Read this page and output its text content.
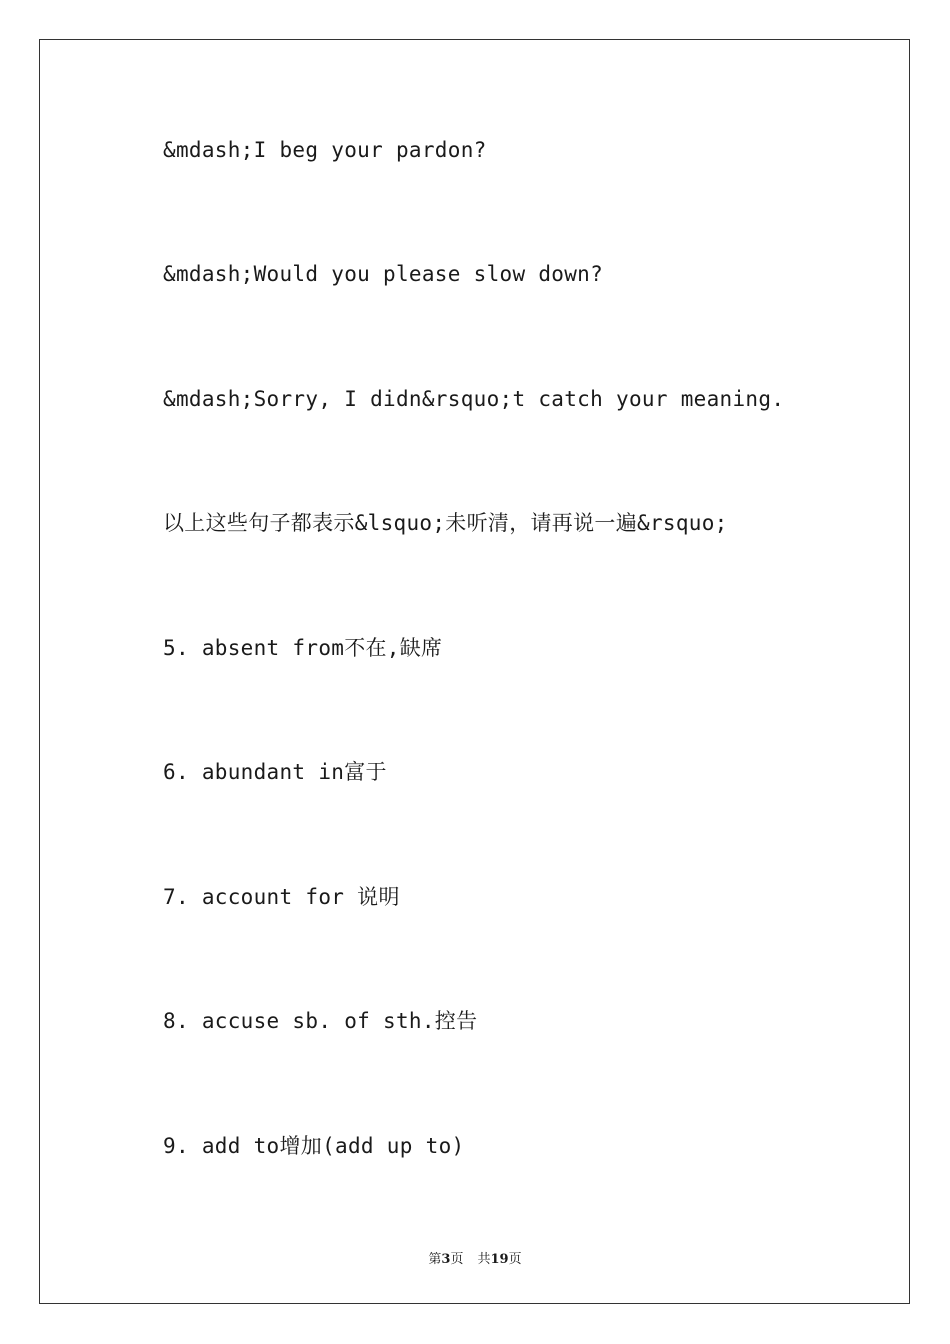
&mdash;I beg your pardon?
&mdash;Would you please slow down?
&mdash;Sorry, I didn&rsquo;t catch your meaning.
以上这些句子都表示&lsquo;未听清，请再说一遍&rsquo;
5. absent from不在,缺席
6. abundant in富于
7. account for 说明
8. accuse sb. of sth.控告
9. add to增加(add up to)
第3页 共19页
